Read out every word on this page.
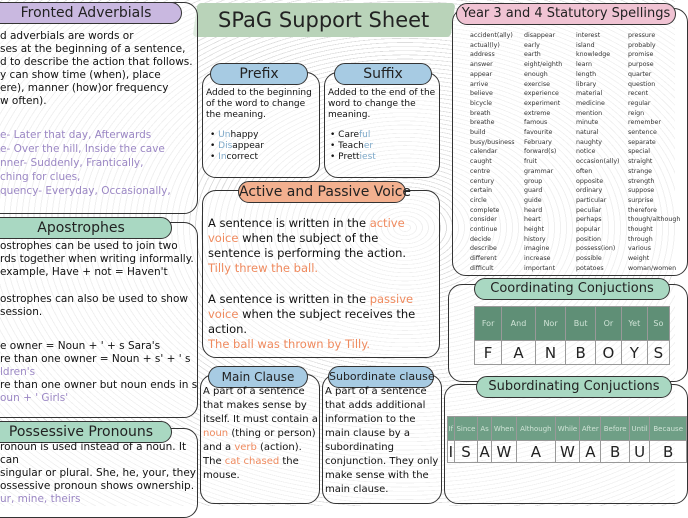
SPaG Support Sheet
Fronted Adverbials
d adverbials are words or
ses at the beginning of a sentence,
d to describe the action that follows.
y can show time (when), place
ere), manner (how)or frequency
w often).
e- Later that day, Afterwards
e- Over the hill, Inside the cave
nner- Suddenly, Frantically,
ching for clues,
quency- Everyday, Occasionally,
Apostrophes
ostrophes can be used to join two
rds together when writing informally.
example, Have + not = Haven't
ostrophes can also be used to show
session.
e owner = Noun + ' + s Sara's
re than one owner = Noun + s' + ' s
ldren's
re than one owner but noun ends in s
oun + ' Girls'
Possessive Pronouns
ronoun is used instead of a noun. It can
singular or plural. She, he, your, they
ossessive pronoun shows ownership.
ur, mine, theirs
Prefix
Added to the beginning of the word to change the meaning.
• Unhappy
• Disappear
• Incorrect
Suffix
Added to the end of the word to change the meaning.
• Careful
• Teacher
• Prettiest
Active and Passive Voice
A sentence is written in the active voice when the subject of the sentence is performing the action.
Tilly threw the ball.
A sentence is written in the passive voice when the subject receives the action.
The ball was thrown by Tilly.
Main Clause
A part of a sentence that makes sense by itself. It must contain a noun (thing or person) and a verb (action).
The cat chased the mouse.
Subordinate clause
A part of a sentence that adds additional information to the main clause by a subordinating conjunction. They only make sense with the main clause.
Year 3 and 4 Statutory Spellings
accident(ally)
actual(ly)
address
answer
appear
arrive
believe
bicycle
breath
breathe
build
busy/business
calendar
caught
centre
century
certain
circle
complete
consider
continue
decide
describe
different
difficult
disappear
early
earth
eight/eighth
enough
exercise
experience
experiment
extreme
famous
favourite
February
forward(s)
fruit
grammar
group
guard
guide
heard
heart
height
history
imagine
increase
important
interest
island
knowledge
learn
length
library
material
medicine
mention
minute
natural
naughty
notice
occasion(ally)
often
opposite
ordinary
particular
peculiar
perhaps
popular
position
possess(ion)
possible
potatoes
pressure
probably
promise
purpose
quarter
question
recent
regular
reign
remember
sentence
separate
special
straight
strange
strength
suppose
surprise
therefore
though/although
thought
through
various
weight
woman/women
Coordinating Conjuctions
For	And	Nor	But	Or	Yet	So
F	A	N	B	O	Y	S
Subordinating Conjuctions
If	Since	As	When	Although	While	After	Before	Until	Because
I	S	A	W	A	W	A	B	U	B
